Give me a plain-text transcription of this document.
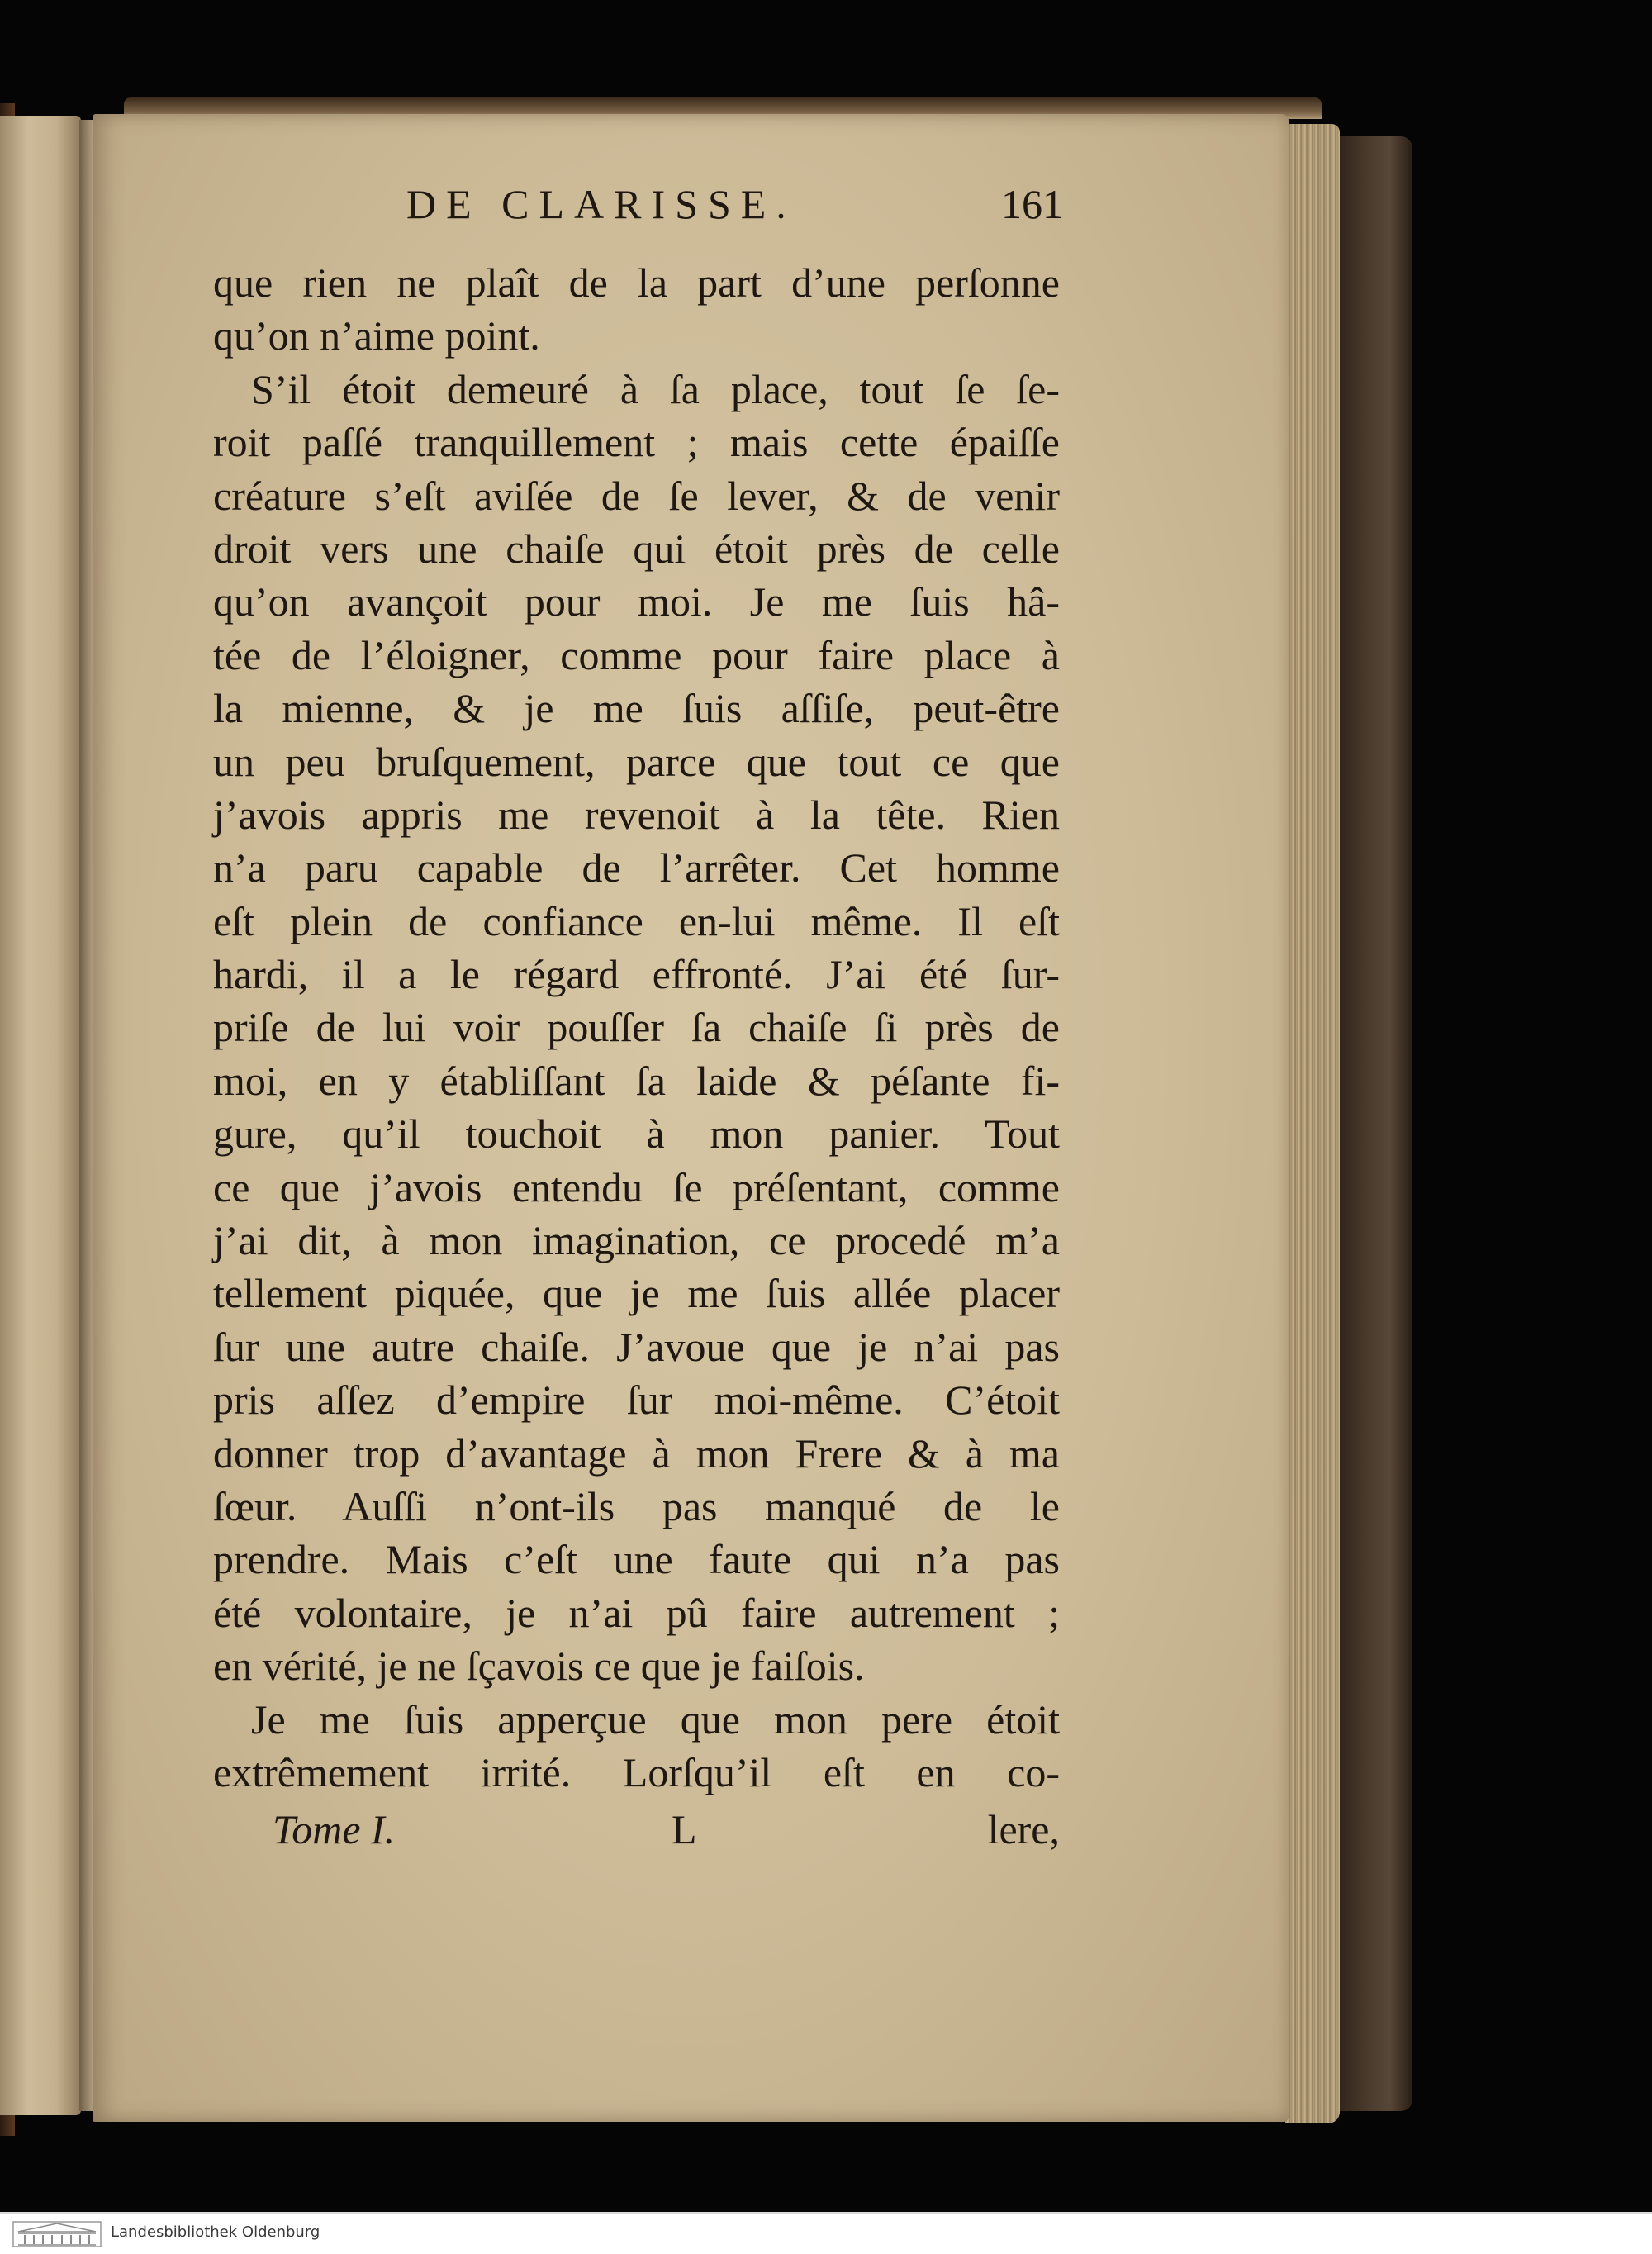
DE CLARISSE.	161
que rien ne plaît de la part d’une perſonne
qu’on n’aime point.
S’il étoit demeuré à ſa place, tout ſe ſe-
roit paſſé tranquillement ; mais cette épaiſſe
créature s’eſt aviſée de ſe lever, & de venir
droit vers une chaiſe qui étoit près de celle
qu’on avançoit pour moi. Je me ſuis hâ-
tée de l’éloigner, comme pour faire place à
la mienne, & je me ſuis aſſiſe, peut-être
un peu bruſquement, parce que tout ce que
j’avois appris me revenoit à la tête. Rien
n’a paru capable de l’arrêter. Cet homme
eſt plein de confiance en-lui même. Il eſt
hardi, il a le régard effronté. J’ai été ſur-
priſe de lui voir pouſſer ſa chaiſe ſi près de
moi, en y établiſſant ſa laide & péſante fi-
gure, qu’il touchoit à mon panier. Tout
ce que j’avois entendu ſe préſentant, comme
j’ai dit, à mon imagination, ce procedé m’a
tellement piquée, que je me ſuis allée placer
ſur une autre chaiſe. J’avoue que je n’ai pas
pris aſſez d’empire ſur moi-même. C’étoit
donner trop d’avantage à mon Frere & à ma
ſœur. Auſſi n’ont-ils pas manqué de le
prendre. Mais c’eſt une faute qui n’a pas
été volontaire, je n’ai pû faire autrement ;
en vérité, je ne ſçavois ce que je faiſois.
Je me ſuis apperçue que mon pere étoit
extrêmement irrité. Lorſqu’il eſt en co-
Tome I.	L	lere,
Landesbibliothek Oldenburg
